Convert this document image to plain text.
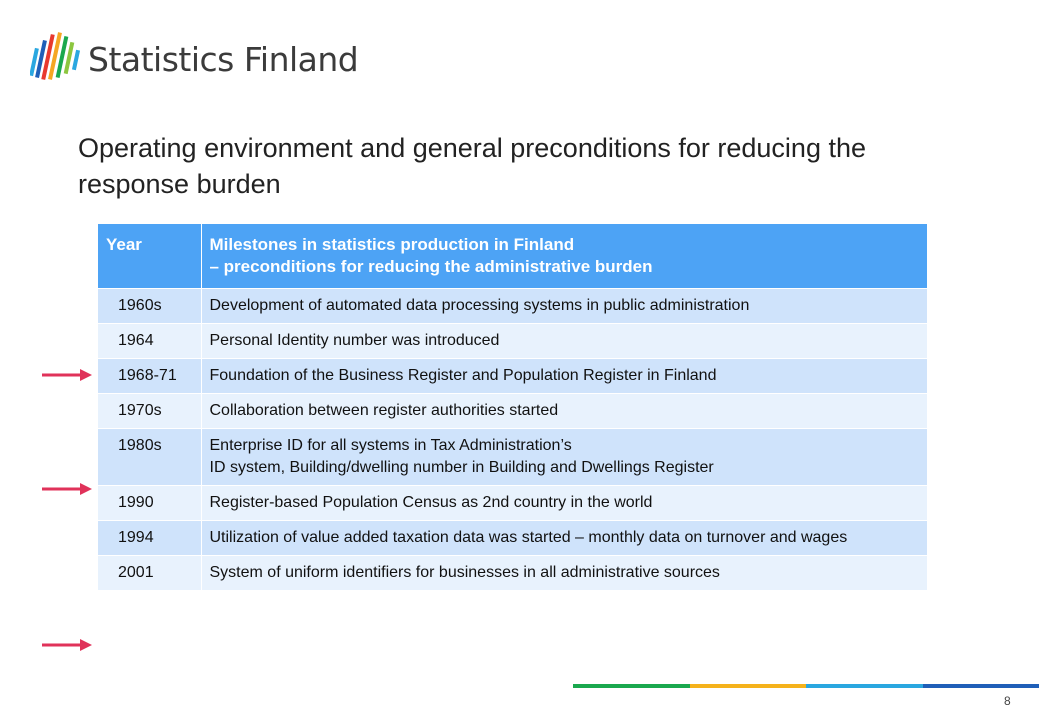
Statistics Finland
Operating environment and general preconditions for reducing the response burden
Year	Milestones in statistics production in Finland
– preconditions for reducing the administrative burden

1960s	Development of automated data processing systems in public administration
1964	Personal Identity number was introduced
1968-71	Foundation of the Business Register and Population Register in Finland
1970s	Collaboration between register authorities started
1980s	Enterprise ID for all systems in Tax Administration’s
ID system, Building/dwelling number in Building and Dwellings Register
1990	Register-based Population Census as 2nd country in the world
1994	Utilization of value added taxation data was started – monthly data on turnover and wages
2001	System of uniform identifiers for businesses in all administrative sources
8
